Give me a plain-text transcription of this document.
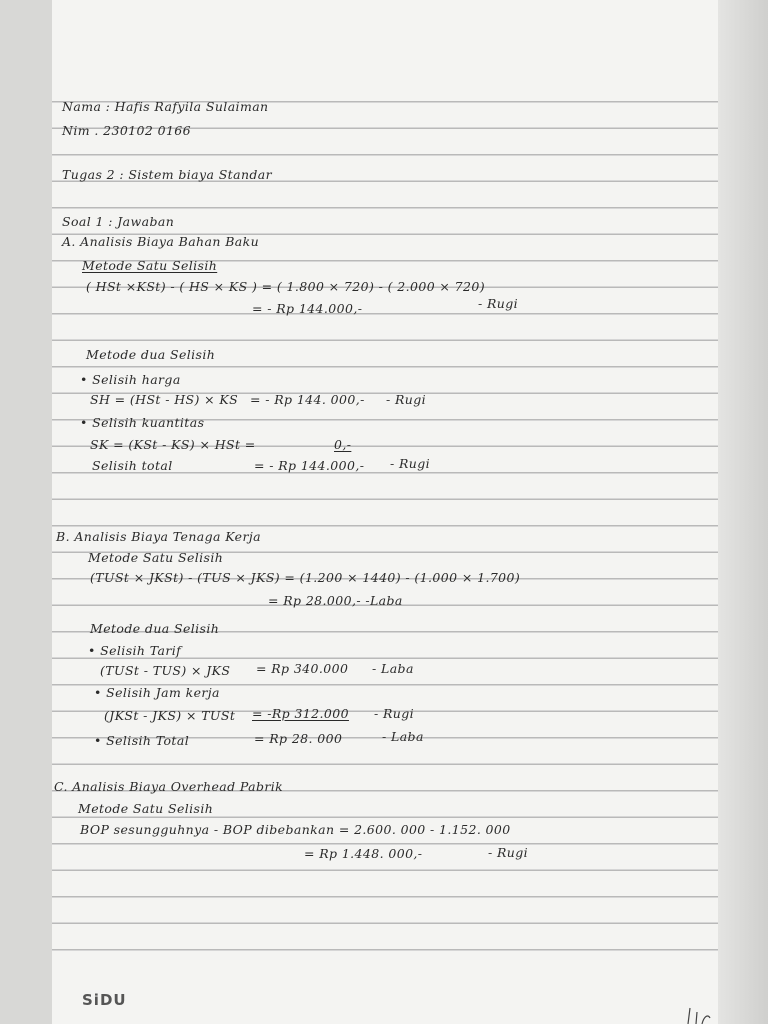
Nama : Hafis Rafyila Sulaiman
Nim . 230102 0166
Tugas 2 : Sistem biaya Standar
Soal 1 : Jawaban
A. Analisis Biaya Bahan Baku
Metode Satu Selisih
( HSt ×KSt) - ( HS × KS ) = ( 1.800 × 720) - ( 2.000 × 720)
= - Rp 144.000,-	- Rugi
Metode dua Selisih
• Selisih harga
SH = (HSt - HS) × KS = - Rp 144. 000,- - Rugi
• Selisih kuantitas
SK = (KSt - KS) × HSt =	0,-
Selisih total	= - Rp 144.000,- - Rugi
B. Analisis Biaya Tenaga Kerja
Metode Satu Selisih
(TUSt × JKSt) - (TUS × JKS) = (1.200 × 1440) - (1.000 × 1.700)
= Rp 28.000,- -Laba
Metode dua Selisih
• Selisih Tarif
(TUSt - TUS) × JKS = Rp 340.000 - Laba
• Selisih Jam kerja
(JKSt - JKS) × TUSt = -Rp 312.000 - Rugi
• Selisih Total	= Rp 28. 000	- Laba
C. Analisis Biaya Overhead Pabrik
Metode Satu Selisih
BOP sesungguhnya - BOP dibebankan = 2.600. 000 - 1.152. 000
= Rp 1.448. 000,-	- Rugi
SiDU
